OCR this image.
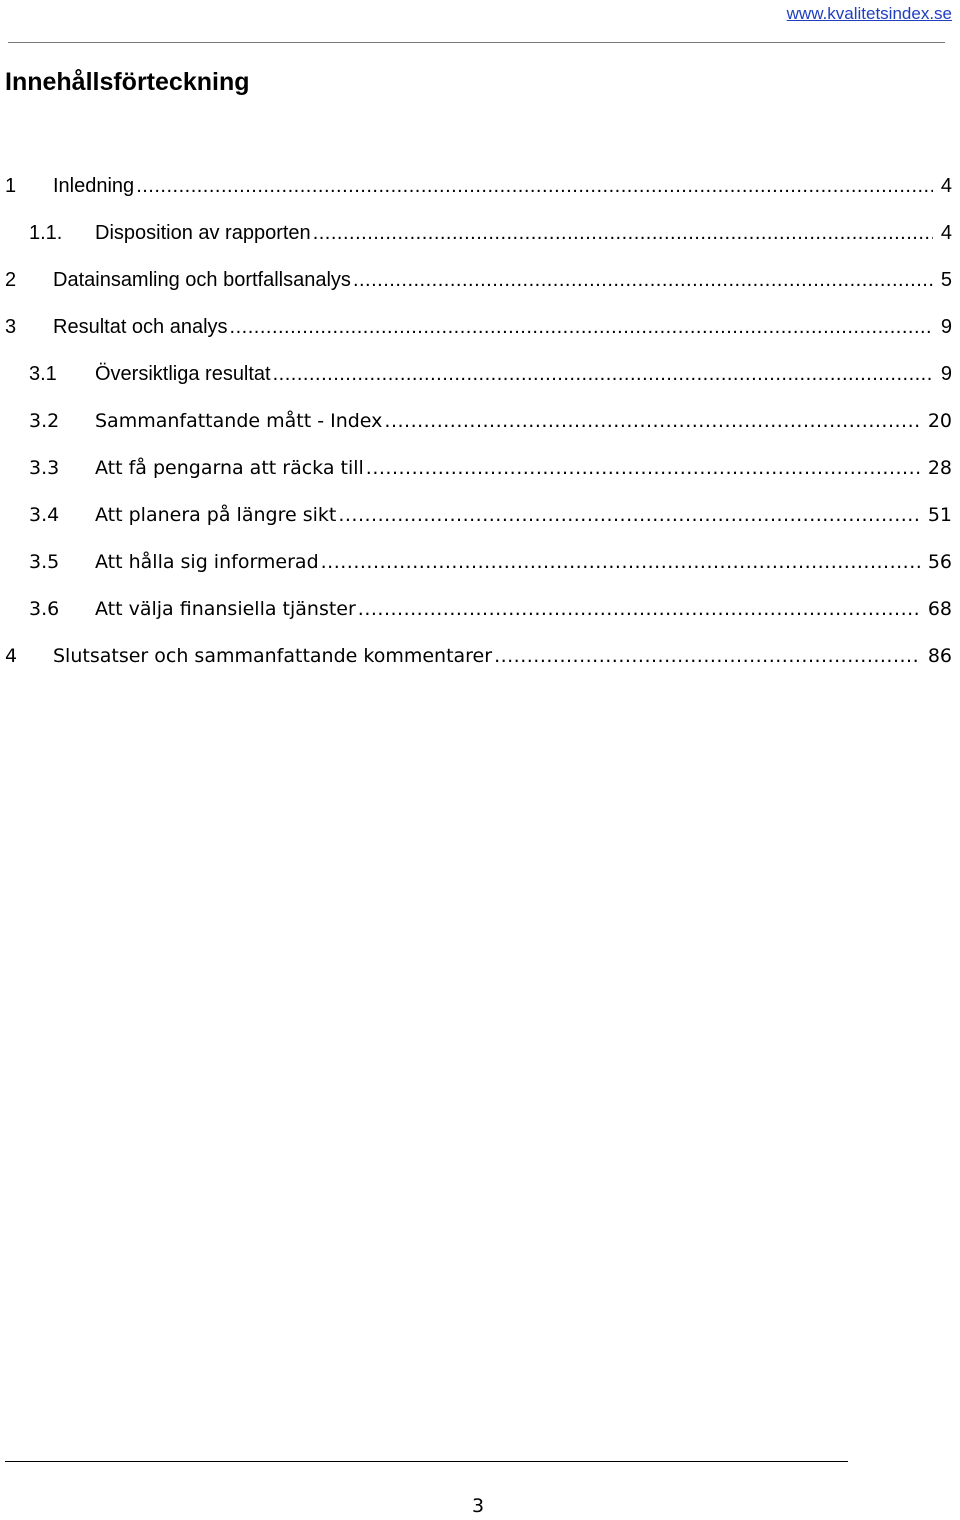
www.kvalitetsindex.se
Innehållsförteckning
1	Inledning .....	4
1.1.	Disposition av rapporten .....	4
2	Datainsamling och bortfallsanalys .....	5
3	Resultat och analys .....	9
3.1	Översiktliga resultat .....	9
3.2	Sammanfattande mått - Index .....	20
3.3	Att få pengarna att räcka till .....	28
3.4	Att planera på längre sikt .....	51
3.5	Att hålla sig informerad .....	56
3.6	Att välja finansiella tjänster .....	68
4	Slutsatser och sammanfattande kommentarer .....	86
3
